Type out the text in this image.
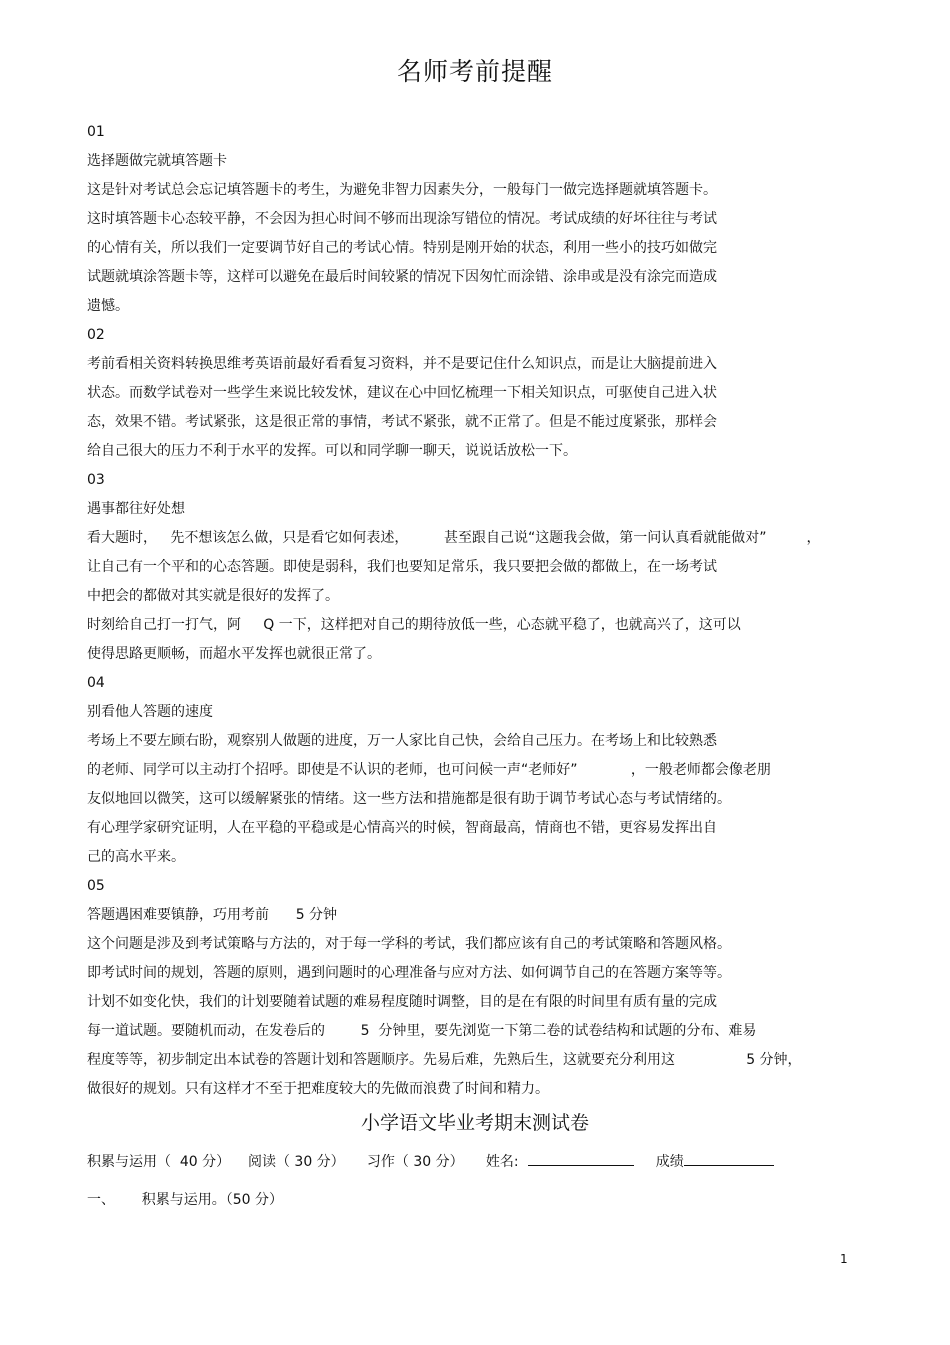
名师考前提醒
01
选择题做完就填答题卡
这是针对考试总会忘记填答题卡的考生，为避免非智力因素失分，一般每门一做完选择题就填答题卡。
这时填答题卡心态较平静，不会因为担心时间不够而出现涂写错位的情况。考试成绩的好坏往往与考试
的心情有关，所以我们一定要调节好自己的考试心情。特别是刚开始的状态，利用一些小的技巧如做完
试题就填涂答题卡等，这样可以避免在最后时间较紧的情况下因匆忙而涂错、涂串或是没有涂完而造成
遗憾。
02
考前看相关资料转换思维考英语前最好看看复习资料，并不是要记住什么知识点，而是让大脑提前进入
状态。而数学试卷对一些学生来说比较发怵，建议在心中回忆梳理一下相关知识点，可驱使自己进入状
态，效果不错。考试紧张，这是很正常的事情，考试不紧张，就不正常了。但是不能过度紧张，那样会
给自己很大的压力不利于水平的发挥。可以和同学聊一聊天，说说话放松一下。
03
遇事都往好处想
看大题时，   先不想该怎么做，只是看它如何表述，        甚至跟自己说“这题我会做，第一问认真看就能做对”         ，
让自己有一个平和的心态答题。即使是弱科，我们也要知足常乐，我只要把会做的都做上，在一场考试
中把会的都做对其实就是很好的发挥了。
时刻给自己打一打气，阿     Q 一下，这样把对自己的期待放低一些，心态就平稳了，也就高兴了，这可以
使得思路更顺畅，而超水平发挥也就很正常了。
04
别看他人答题的速度
考场上不要左顾右盼，观察别人做题的进度，万一人家比自己快，会给自己压力。在考场上和比较熟悉
的老师、同学可以主动打个招呼。即使是不认识的老师，也可问候一声“老师好”            ，一般老师都会像老朋
友似地回以微笑，这可以缓解紧张的情绪。这一些方法和措施都是很有助于调节考试心态与考试情绪的。
有心理学家研究证明，人在平稳的平稳或是心情高兴的时候，智商最高，情商也不错，更容易发挥出自
己的高水平来。
05
答题遇困难要镇静，巧用考前      5 分钟
这个问题是涉及到考试策略与方法的，对于每一学科的考试，我们都应该有自己的考试策略和答题风格。
即考试时间的规划，答题的原则，遇到问题时的心理准备与应对方法、如何调节自己的在答题方案等等。
计划不如变化快，我们的计划要随着试题的难易程度随时调整，目的是在有限的时间里有质有量的完成
每一道试题。要随机而动，在发卷后的        5  分钟里，要先浏览一下第二卷的试卷结构和试题的分布、难易
程度等等，初步制定出本试卷的答题计划和答题顺序。先易后难，先熟后生，这就要充分利用这                5 分钟，
做很好的规划。只有这样才不至于把难度较大的先做而浪费了时间和精力。
小学语文毕业考期末测试卷
积累与运用（  40 分）    阅读（ 30 分）     习作（ 30 分）     姓名:	成绩
一、      积累与运用。（50 分）
1
